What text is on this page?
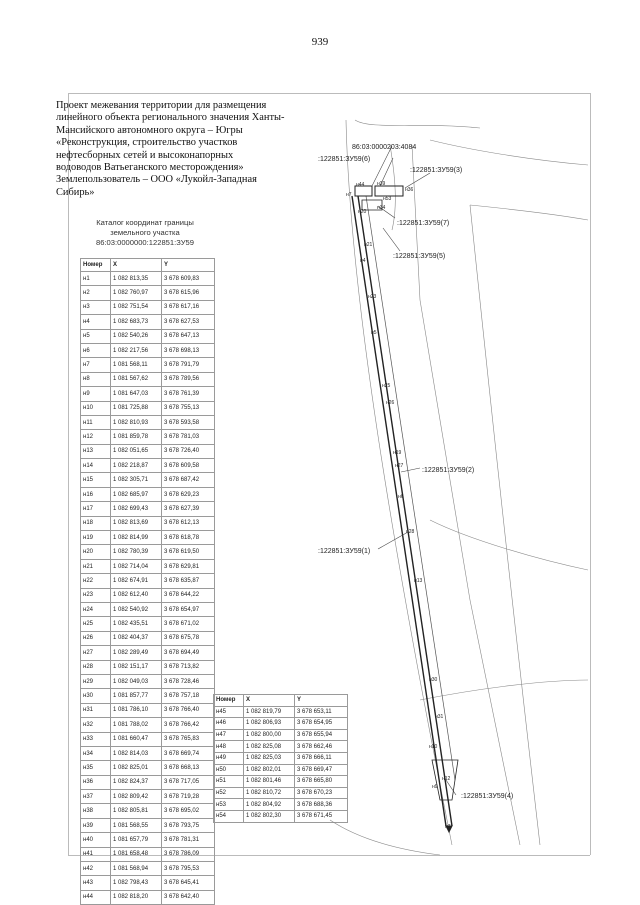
939
Проект межевания территории для размещения
линейного объекта регионального значения Ханты-
Мансийского автономного округа – Югры
«Реконструкция, строительство участков
нефтесборных сетей и высоконапорных
водоводов Ватьеганского месторождения»
Землепользователь – ООО «Лукойл-Западная
Сибирь»
Каталог координат границы
земельного участка
86:03:0000000:122851:ЗУ59
Номер	X	Y
н1	1 082 813,35	3 678 609,83
н2	1 082 760,97	3 678 615,96
н3	1 082 751,54	3 678 617,16
н4	1 082 683,73	3 678 627,53
н5	1 082 540,26	3 678 647,13
н6	1 082 217,56	3 678 698,13
н7	1 081 568,11	3 678 791,79
н8	1 081 567,62	3 678 789,56
н9	1 081 647,03	3 678 761,39
н10	1 081 725,88	3 678 755,13
н11	1 082 810,93	3 678 593,58
н12	1 081 859,78	3 678 781,03
н13	1 082 051,65	3 678 726,40
н14	1 082 218,87	3 678 609,58
н15	1 082 305,71	3 678 687,42
н16	1 082 685,97	3 678 629,23
н17	1 082 699,43	3 678 627,39
н18	1 082 813,69	3 678 612,13
н19	1 082 814,99	3 678 618,78
н20	1 082 780,39	3 678 619,50
н21	1 082 714,04	3 678 629,81
н22	1 082 674,91	3 678 635,87
н23	1 082 612,40	3 678 644,22
н24	1 082 540,92	3 678 654,97
н25	1 082 435,51	3 678 671,02
н26	1 082 404,37	3 678 675,78
н27	1 082 289,49	3 678 694,49
н28	1 082 151,17	3 678 713,82
н29	1 082 049,03	3 678 728,46
н30	1 081 857,77	3 678 757,18
н31	1 081 786,10	3 678 766,40
н32	1 081 788,02	3 678 766,42
н33	1 081 660,47	3 678 765,83
н34	1 082 814,03	3 678 669,74
н35	1 082 825,01	3 678 668,13
н36	1 082 824,37	3 678 717,05
н37	1 082 809,42	3 678 719,28
н38	1 082 805,81	3 678 695,02
н39	1 081 568,55	3 678 793,75
н40	1 081 657,79	3 678 781,31
н41	1 081 658,48	3 678 786,09
н42	1 081 568,94	3 678 795,53
н43	1 082 798,43	3 678 645,41
н44	1 082 818,20	3 678 642,40
Номер	X	Y
н45	1 082 819,79	3 678 653,11
н46	1 082 806,93	3 678 654,95
н47	1 082 800,00	3 678 655,94
н48	1 082 825,08	3 678 662,46
н49	1 082 825,03	3 678 666,11
н50	1 082 802,01	3 678 669,47
н51	1 082 801,46	3 678 665,80
н52	1 082 810,72	3 678 670,23
н53	1 082 804,92	3 678 688,36
н54	1 082 802,30	3 678 671,45
86:03:0000203:4084
:122851:ЗУ59(6)
:122851:ЗУ59(3)
:122851:ЗУ59(7)
:122851:ЗУ59(5)
:122851:ЗУ59(2)
:122851:ЗУ59(1)
:122851:ЗУ59(4)
н44	н39
н36
н53
н7
н20
н34
н21
н4
н23
н5
н25
н26
н19
н27
н6
н28
н13
н30
н31
н10
н12
н9
н7
